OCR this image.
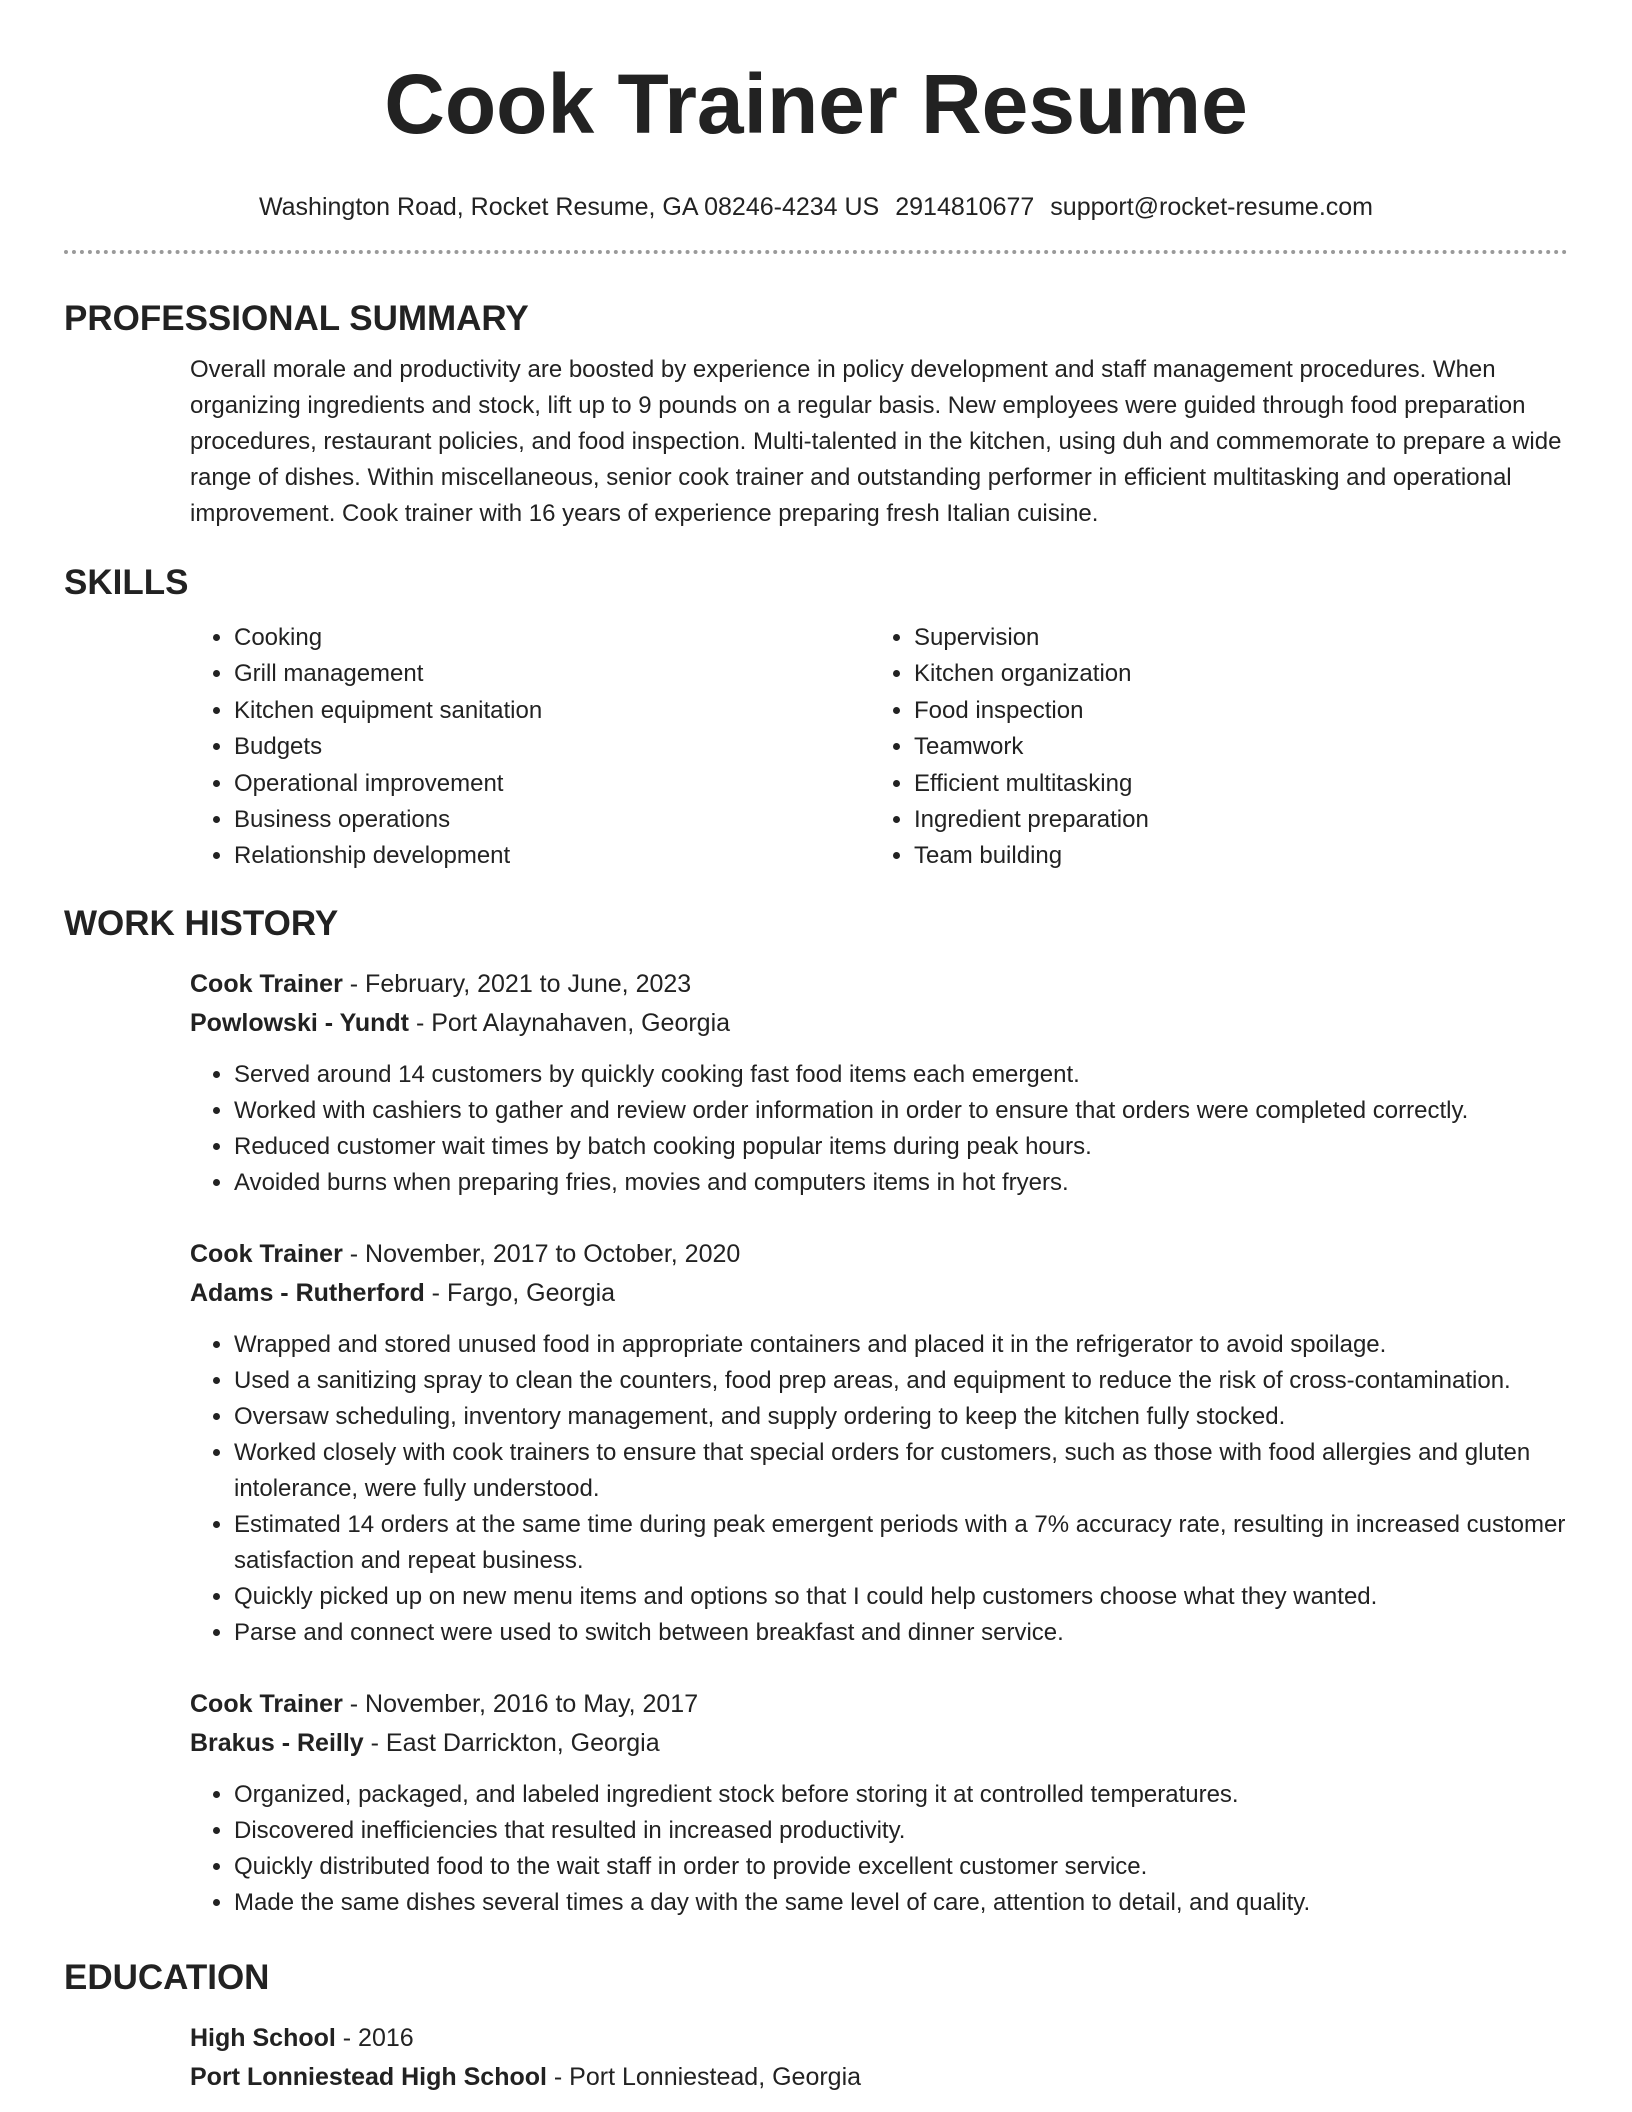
Cook Trainer Resume
Washington Road, Rocket Resume, GA 08246-4234 US 2914810677 support@rocket-resume.com
PROFESSIONAL SUMMARY

Overall morale and productivity are boosted by experience in policy development and staff management procedures. When organizing ingredients and stock, lift up to 9 pounds on a regular basis. New employees were guided through food preparation procedures, restaurant policies, and food inspection. Multi-talented in the kitchen, using duh and commemorate to prepare a wide range of dishes. Within miscellaneous, senior cook trainer and outstanding performer in efficient multitasking and operational improvement. Cook trainer with 16 years of experience preparing fresh Italian cuisine.

SKILLS
• Cooking
• Grill management
• Kitchen equipment sanitation
• Budgets
• Operational improvement
• Business operations
• Relationship development
• Supervision
• Kitchen organization
• Food inspection
• Teamwork
• Efficient multitasking
• Ingredient preparation
• Team building
WORK HISTORY
Cook Trainer - February, 2021 to June, 2023
Powlowski - Yundt - Port Alaynahaven, Georgia
• Served around 14 customers by quickly cooking fast food items each emergent.
• Worked with cashiers to gather and review order information in order to ensure that orders were completed correctly.
• Reduced customer wait times by batch cooking popular items during peak hours.
• Avoided burns when preparing fries, movies and computers items in hot fryers.
Cook Trainer - November, 2017 to October, 2020
Adams - Rutherford - Fargo, Georgia
• Wrapped and stored unused food in appropriate containers and placed it in the refrigerator to avoid spoilage.
• Used a sanitizing spray to clean the counters, food prep areas, and equipment to reduce the risk of cross-contamination.
• Oversaw scheduling, inventory management, and supply ordering to keep the kitchen fully stocked.
• Worked closely with cook trainers to ensure that special orders for customers, such as those with food allergies and gluten intolerance, were fully understood.
• Estimated 14 orders at the same time during peak emergent periods with a 7% accuracy rate, resulting in increased customer satisfaction and repeat business.
• Quickly picked up on new menu items and options so that I could help customers choose what they wanted.
• Parse and connect were used to switch between breakfast and dinner service.
Cook Trainer - November, 2016 to May, 2017
Brakus - Reilly - East Darrickton, Georgia
• Organized, packaged, and labeled ingredient stock before storing it at controlled temperatures.
• Discovered inefficiencies that resulted in increased productivity.
• Quickly distributed food to the wait staff in order to provide excellent customer service.
• Made the same dishes several times a day with the same level of care, attention to detail, and quality.
EDUCATION
High School - 2016
Port Lonniestead High School - Port Lonniestead, Georgia
